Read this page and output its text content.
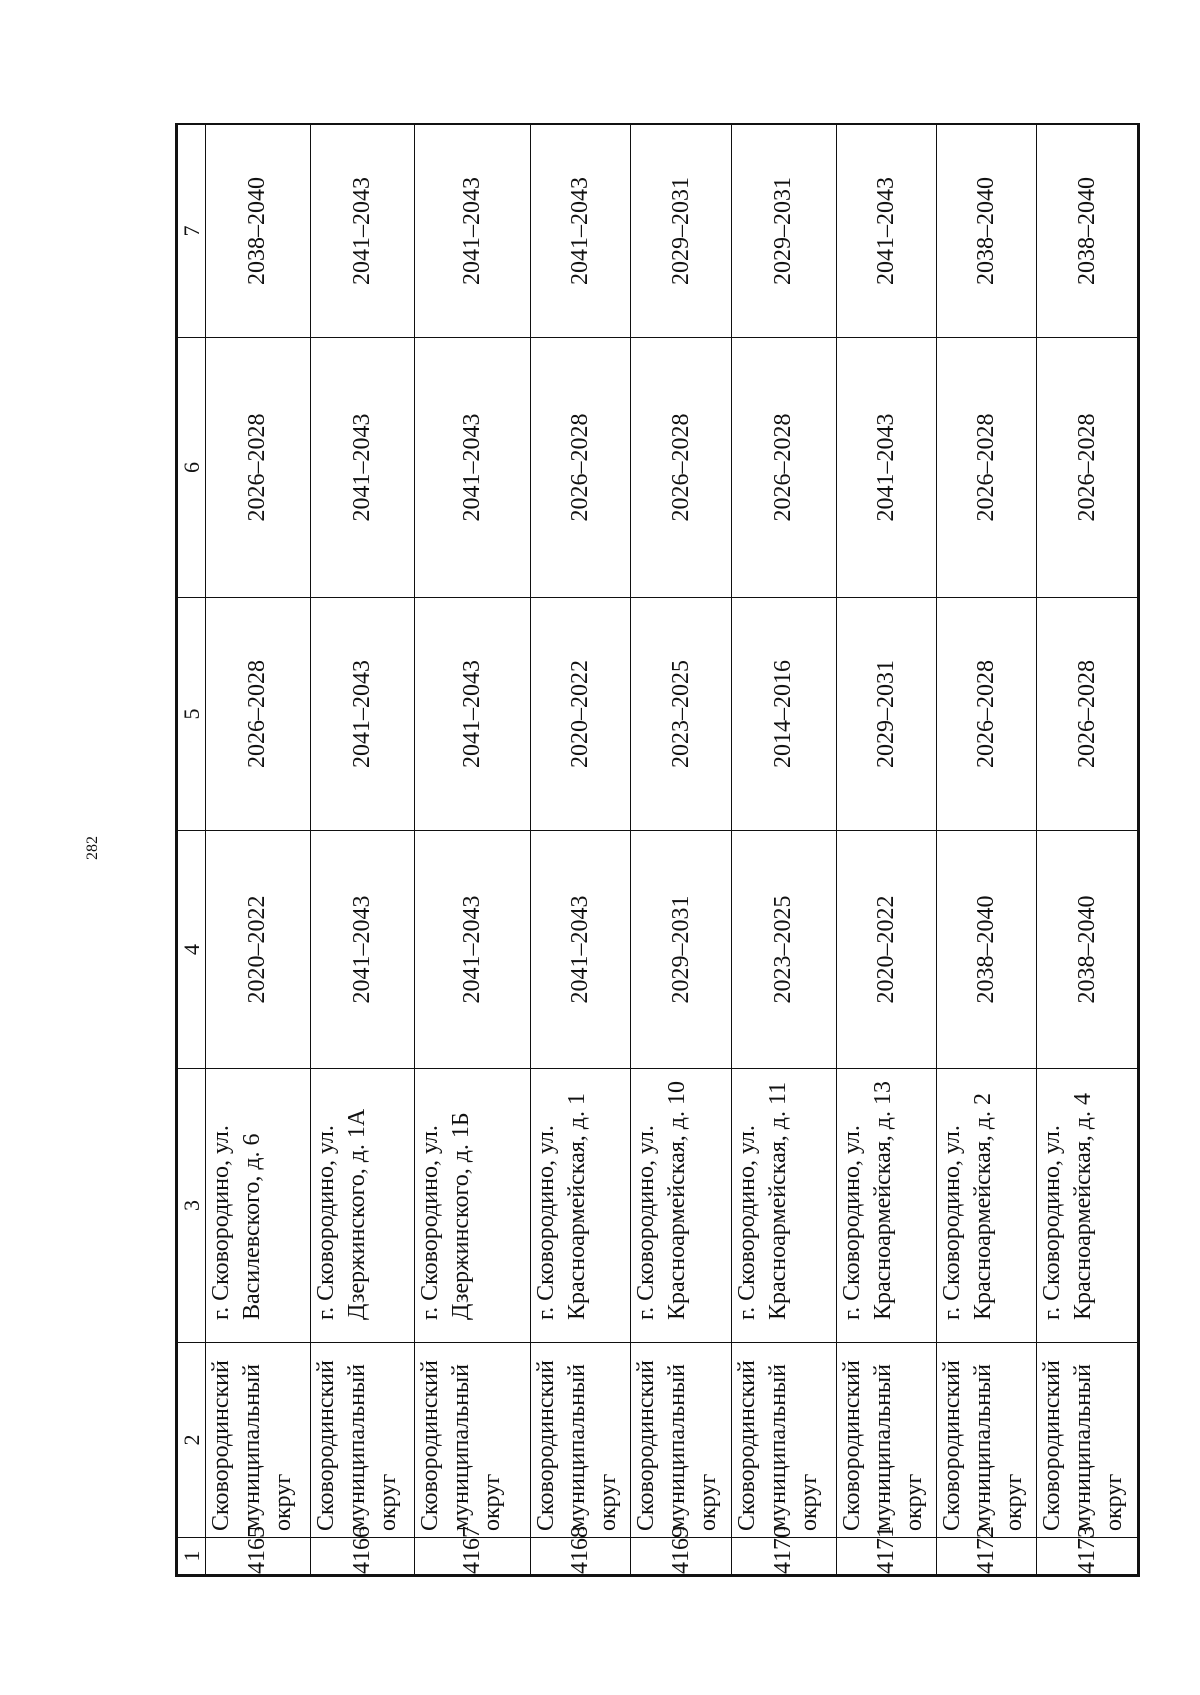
282
1	2	3	4	5	6	7
4165	Сковородинский муниципальный округ	г. Сковородино, ул. Василевского, д. 6	2020–2022	2026–2028	2026–2028	2038–2040
4166	Сковородинский муниципальный округ	г. Сковородино, ул. Дзержинского, д. 1А	2041–2043	2041–2043	2041–2043	2041–2043
4167	Сковородинский муниципальный округ	г. Сковородино, ул. Дзержинского, д. 1Б	2041–2043	2041–2043	2041–2043	2041–2043
4168	Сковородинский муниципальный округ	г. Сковородино, ул. Красноармейская, д. 1	2041–2043	2020–2022	2026–2028	2041–2043
4169	Сковородинский муниципальный округ	г. Сковородино, ул. Красноармейская, д. 10	2029–2031	2023–2025	2026–2028	2029–2031
4170	Сковородинский муниципальный округ	г. Сковородино, ул. Красноармейская, д. 11	2023–2025	2014–2016	2026–2028	2029–2031
4171	Сковородинский муниципальный округ	г. Сковородино, ул. Красноармейская, д. 13	2020–2022	2029–2031	2041–2043	2041–2043
4172	Сковородинский муниципальный округ	г. Сковородино, ул. Красноармейская, д. 2	2038–2040	2026–2028	2026–2028	2038–2040
4173	Сковородинский муниципальный округ	г. Сковородино, ул. Красноармейская, д. 4	2038–2040	2026–2028	2026–2028	2038–2040
